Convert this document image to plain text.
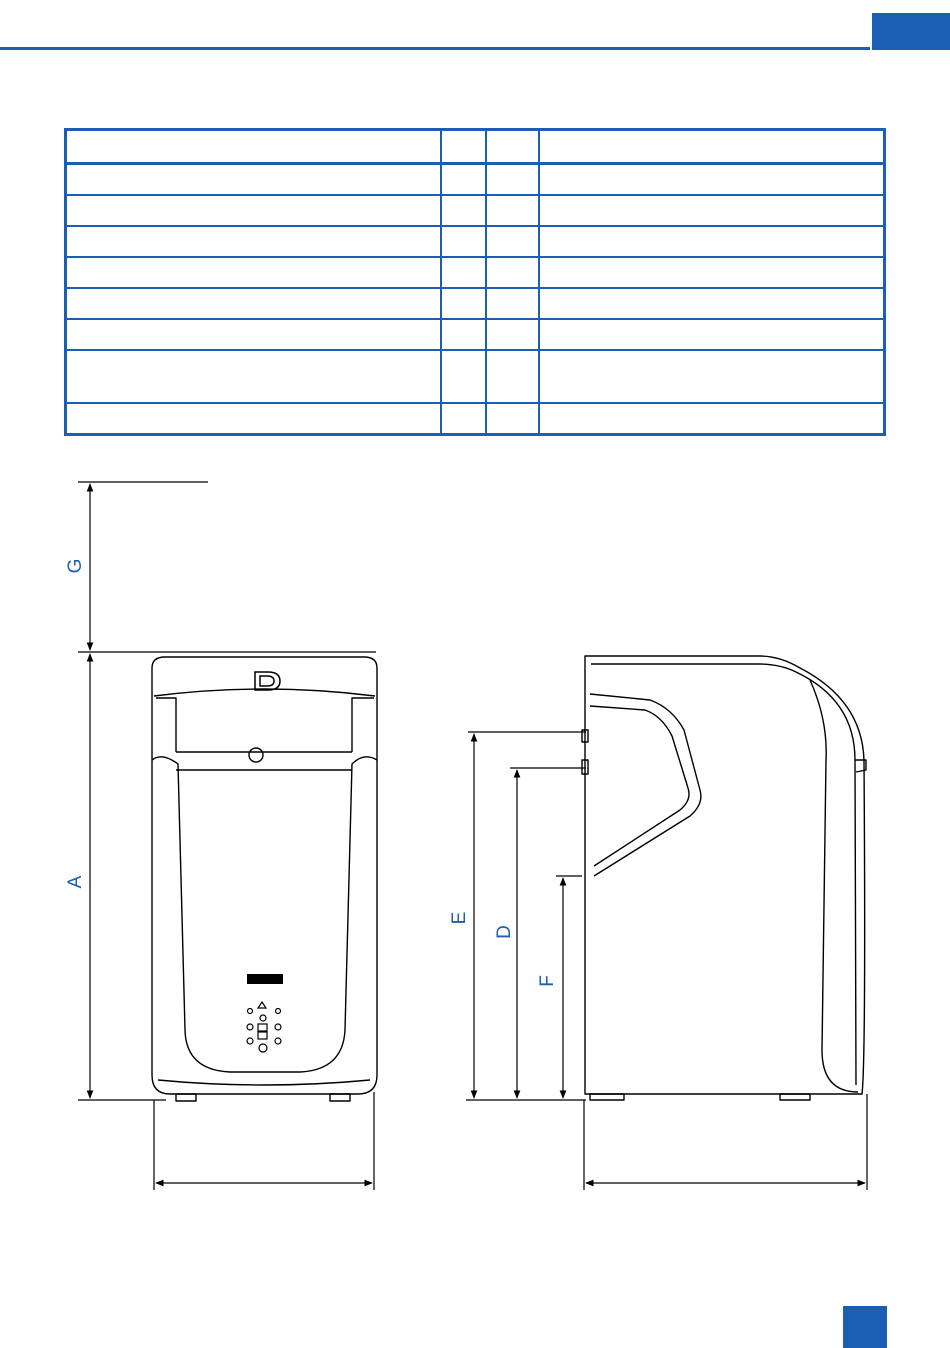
G
A
E
D
F
